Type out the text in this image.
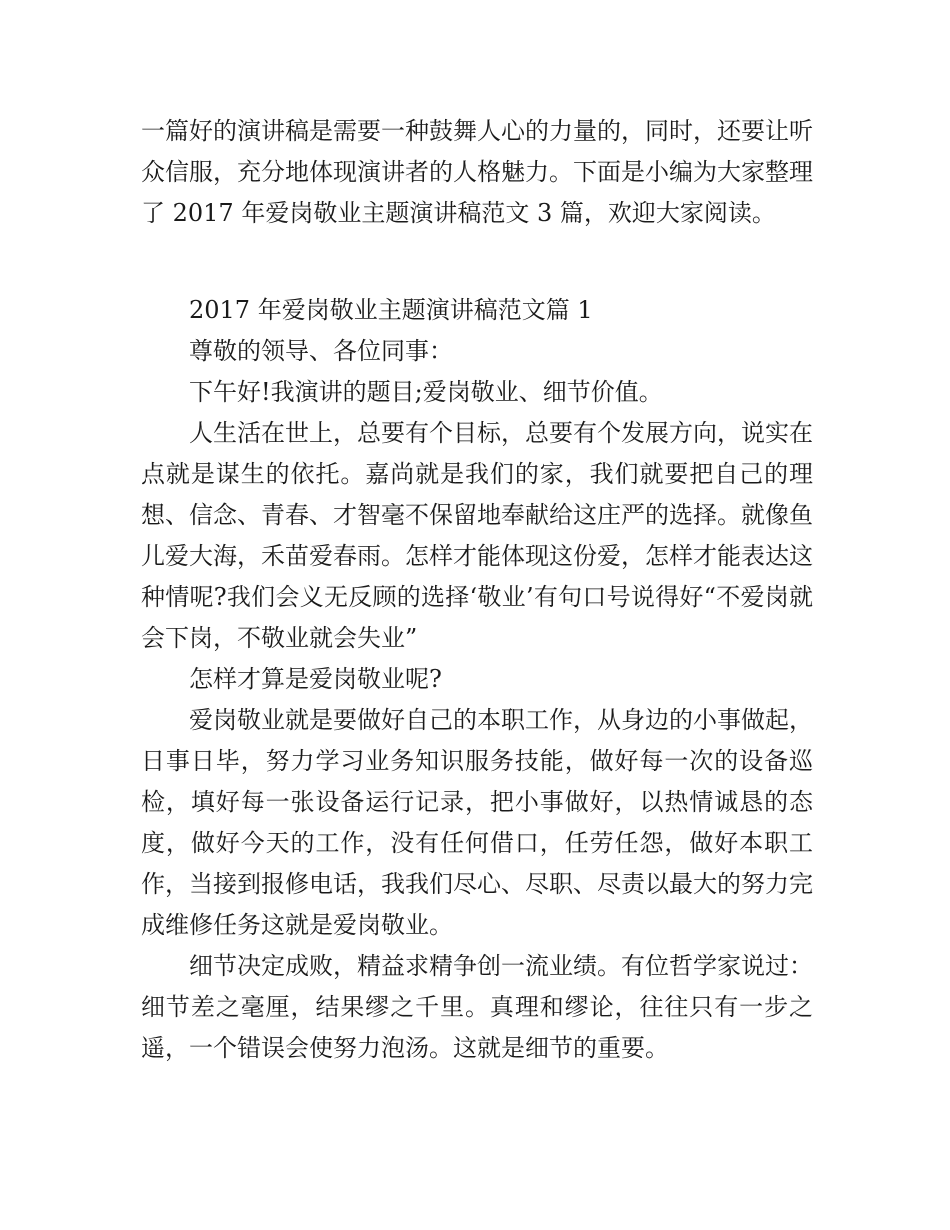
一篇好的演讲稿是需要一种鼓舞人心的力量的，同时，还要让听众信服，充分地体现演讲者的人格魅力。下面是小编为大家整理了 2017 年爱岗敬业主题演讲稿范文 3 篇，欢迎大家阅读。

2017 年爱岗敬业主题演讲稿范文篇 1

尊敬的领导、各位同事：

下午好!我演讲的题目;爱岗敬业、细节价值。

人生活在世上，总要有个目标，总要有个发展方向，说实在点就是谋生的依托。嘉尚就是我们的家，我们就要把自己的理想、信念、青春、才智毫不保留地奉献给这庄严的选择。就像鱼儿爱大海，禾苗爱春雨。怎样才能体现这份爱，怎样才能表达这种情呢?我们会义无反顾的选择‘敬业’有句口号说得好“不爱岗就会下岗，不敬业就会失业”

怎样才算是爱岗敬业呢?

爱岗敬业就是要做好自己的本职工作，从身边的小事做起，日事日毕，努力学习业务知识服务技能，做好每一次的设备巡检，填好每一张设备运行记录，把小事做好，以热情诚恳的态度，做好今天的工作，没有任何借口，任劳任怨，做好本职工作，当接到报修电话，我我们尽心、尽职、尽责以最大的努力完成维修任务这就是爱岗敬业。

细节决定成败，精益求精争创一流业绩。有位哲学家说过：细节差之毫厘，结果缪之千里。真理和缪论，往往只有一步之遥，一个错误会使努力泡汤。这就是细节的重要。
